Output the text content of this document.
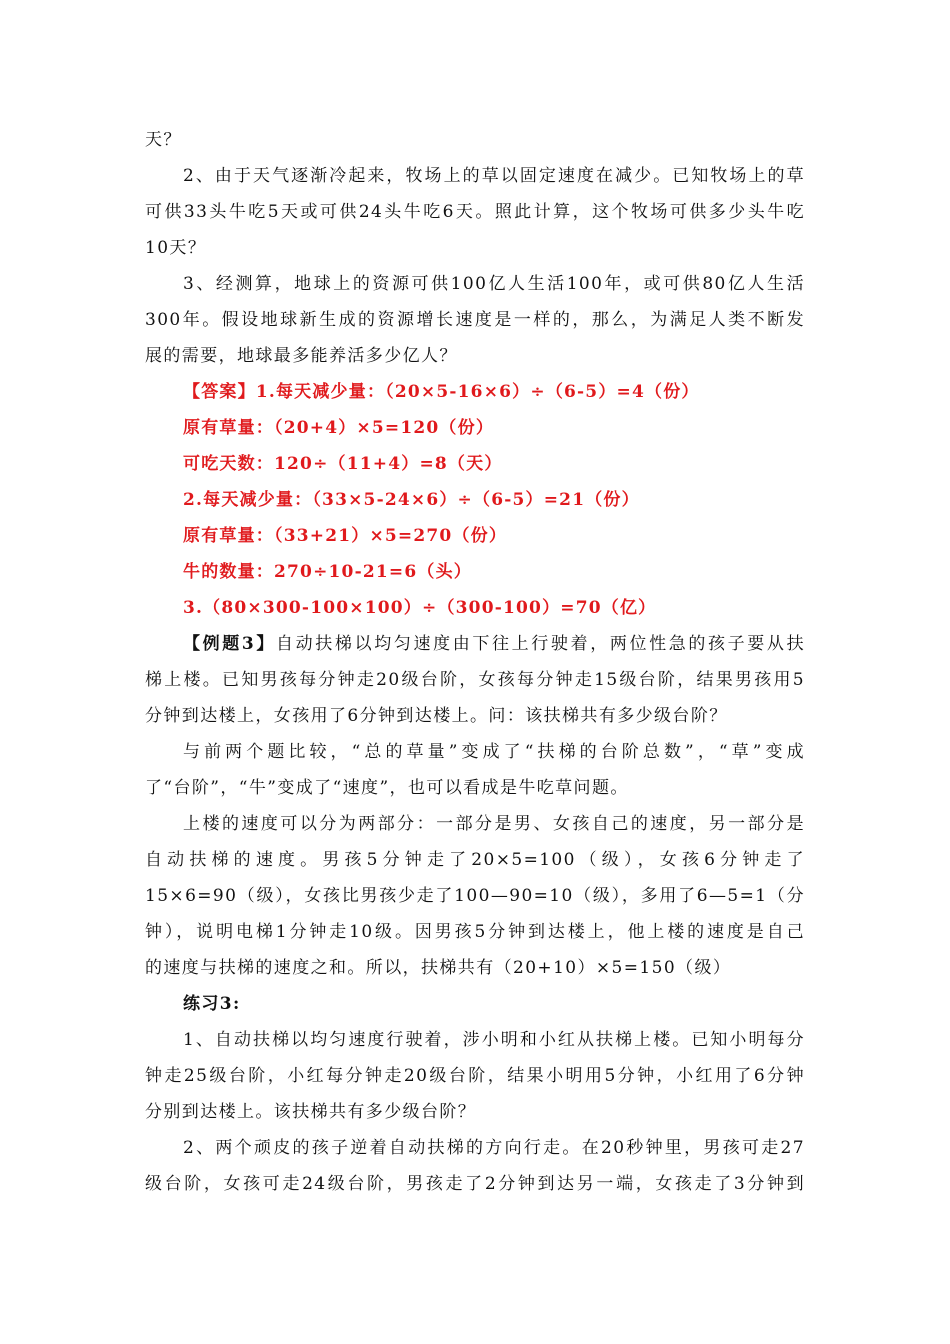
天？

2、由于天气逐渐冷起来，牧场上的草以固定速度在减少。已知牧场上的草

可供33头牛吃5天或可供24头牛吃6天。照此计算，这个牧场可供多少头牛吃

10天？

3、经测算，地球上的资源可供100亿人生活100年，或可供80亿人生活

300年。假设地球新生成的资源增长速度是一样的，那么，为满足人类不断发

展的需要，地球最多能养活多少亿人？

【答案】1.每天减少量：（20×5-16×6）÷（6-5）=4（份）
原有草量：（20+4）×5=120（份）
可吃天数：120÷（11+4）=8（天）
2.每天减少量：（33×5-24×6）÷（6-5）=21（份）
原有草量：（33+21）×5=270（份）
牛的数量：270÷10-21=6（头）
3.（80×300-100×100）÷（300-100）=70（亿）

【例题3】自动扶梯以均匀速度由下往上行驶着，两位性急的孩子要从扶

梯上楼。已知男孩每分钟走20级台阶，女孩每分钟走15级台阶，结果男孩用5

分钟到达楼上，女孩用了6分钟到达楼上。问：该扶梯共有多少级台阶？

与前两个题比较，“总的草量”变成了“扶梯的台阶总数”，“草”变成

了“台阶”，“牛”变成了“速度”，也可以看成是牛吃草问题。

上楼的速度可以分为两部分：一部分是男、女孩自己的速度，另一部分是

自动扶梯的速度。男孩5分钟走了20×5=100（级），女孩6分钟走了

15×6=90（级），女孩比男孩少走了100—90=10（级），多用了6—5=1（分

钟），说明电梯1分钟走10级。因男孩5分钟到达楼上，他上楼的速度是自己

的速度与扶梯的速度之和。所以，扶梯共有（20+10）×5=150（级）

练习3:

1、自动扶梯以均匀速度行驶着，涉小明和小红从扶梯上楼。已知小明每分

钟走25级台阶，小红每分钟走20级台阶，结果小明用5分钟，小红用了6分钟

分别到达楼上。该扶梯共有多少级台阶？

2、两个顽皮的孩子逆着自动扶梯的方向行走。在20秒钟里，男孩可走27

级台阶，女孩可走24级台阶，男孩走了2分钟到达另一端，女孩走了3分钟到
